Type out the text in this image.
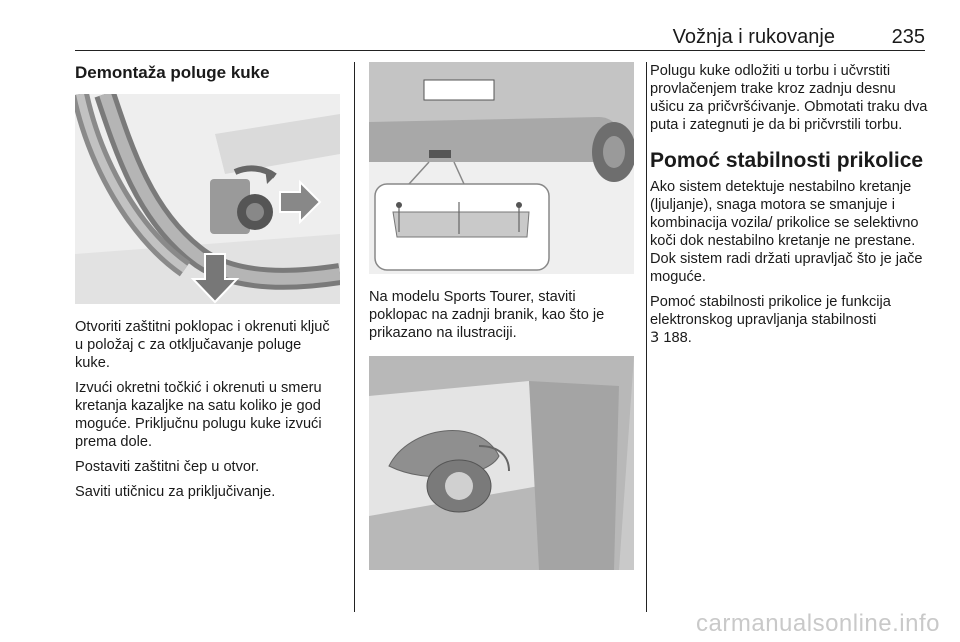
Vožnja i rukovanje	235
Demontaža poluge kuke

Otvoriti zaštitni poklopac i okrenuti ključ u položaj c za otključavanje poluge kuke.

Izvući okretni točkić i okrenuti u smeru kretanja kazaljke na satu koliko je god moguće. Priključnu polugu kuke izvući prema dole.

Postaviti zaštitni čep u otvor.

Saviti utičnicu za priključivanje.

Na modelu Sports Tourer, staviti poklopac na zadnji branik, kao što je prikazano na ilustraciji.

Polugu kuke odložiti u torbu i učvrstiti provlačenjem trake kroz zadnju desnu ušicu za pričvršćivanje. Obmotati traku dva puta i zategnuti je da bi pričvrstili torbu.

Pomoć stabilnosti prikolice

Ako sistem detektuje nestabilno kretanje (ljuljanje), snaga motora se smanjuje i kombinacija vozila/ prikolice se selektivno koči dok nestabilno kretanje ne prestane. Dok sistem radi držati upravljač što je jače moguće.

Pomoć stabilnosti prikolice je funkcija elektronskog upravljanja stabilnosti
3 188.

carmanualsonline.info
